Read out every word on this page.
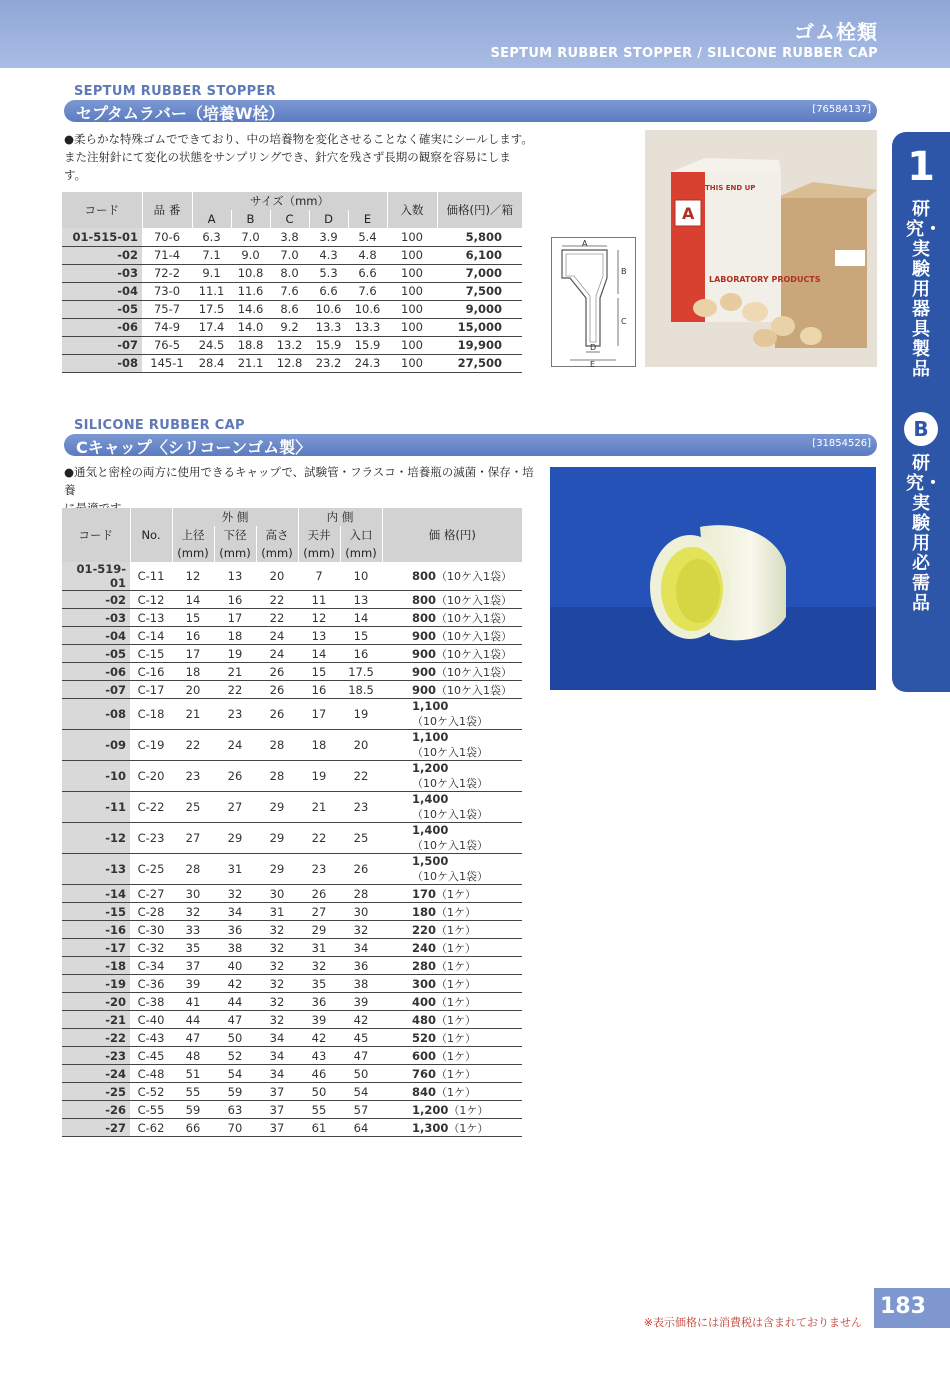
ゴム栓類
SEPTUM RUBBER STOPPER / SILICONE RUBBER CAP
1
研究・実験用器具製品
B
研究・実験用必需品
SEPTUM RUBBER STOPPER
セプタムラバー（培養W栓）	[76584137]
●柔らかな特殊ゴムでできており、中の培養物を変化させることなく確実にシールします。
また注射針にて変化の状態をサンプリングでき、針穴を残さず長期の観察を容易にしま
す。
コード	品 番	サイズ（mm）					入数	価格(円)／箱
		A	B	C	D	E		
01-515-01	70-6	6.3	7.0	3.8	3.9	5.4	100	5,800
-02	71-4	7.1	9.0	7.0	4.3	4.8	100	6,100
-03	72-2	9.1	10.8	8.0	5.3	6.6	100	7,000
-04	73-0	11.1	11.6	7.6	6.6	7.6	100	7,500
-05	75-7	17.5	14.6	8.6	10.6	10.6	100	9,000
-06	74-9	17.4	14.0	9.2	13.3	13.3	100	15,000
-07	76-5	24.5	18.8	13.2	15.9	15.9	100	19,900
-08	145-1	28.4	21.1	12.8	23.2	24.3	100	27,500
A
B
C
D
E
THIS END UP
A
LABORATORY PRODUCTS
SILICONE RUBBER CAP
Cキャップ〈シリコーンゴム製〉	[31854526]
●通気と密栓の両方に使用できるキャップで、試験管・フラスコ・培養瓶の滅菌・保存・培養
コード	No.	外 側			内 側		価 格(円)
		上径	下径	高さ	天井	入口	
		(mm)	(mm)	(mm)	(mm)	(mm)	
01-519-01	C-11	12	13	20	7	10	800（10ケ入1袋）
-02	C-12	14	16	22	11	13	800（10ケ入1袋）
-03	C-13	15	17	22	12	14	800（10ケ入1袋）
-04	C-14	16	18	24	13	15	900（10ケ入1袋）
-05	C-15	17	19	24	14	16	900（10ケ入1袋）
-06	C-16	18	21	26	15	17.5	900（10ケ入1袋）
-07	C-17	20	22	26	16	18.5	900（10ケ入1袋）
-08	C-18	21	23	26	17	19	1,100（10ケ入1袋）
-09	C-19	22	24	28	18	20	1,100（10ケ入1袋）
-10	C-20	23	26	28	19	22	1,200（10ケ入1袋）
-11	C-22	25	27	29	21	23	1,400（10ケ入1袋）
-12	C-23	27	29	29	22	25	1,400（10ケ入1袋）
-13	C-25	28	31	29	23	26	1,500（10ケ入1袋）
-14	C-27	30	32	30	26	28	170（1ケ）
-15	C-28	32	34	31	27	30	180（1ケ）
-16	C-30	33	36	32	29	32	220（1ケ）
-17	C-32	35	38	32	31	34	240（1ケ）
-18	C-34	37	40	32	32	36	280（1ケ）
-19	C-36	39	42	32	35	38	300（1ケ）
-20	C-38	41	44	32	36	39	400（1ケ）
-21	C-40	44	47	32	39	42	480（1ケ）
-22	C-43	47	50	34	42	45	520（1ケ）
-23	C-45	48	52	34	43	47	600（1ケ）
-24	C-48	51	54	34	46	50	760（1ケ）
-25	C-52	55	59	37	50	54	840（1ケ）
-26	C-55	59	63	37	55	57	1,200（1ケ）
-27	C-62	66	70	37	61	64	1,300（1ケ）
183
※表示価格には消費税は含まれておりません
